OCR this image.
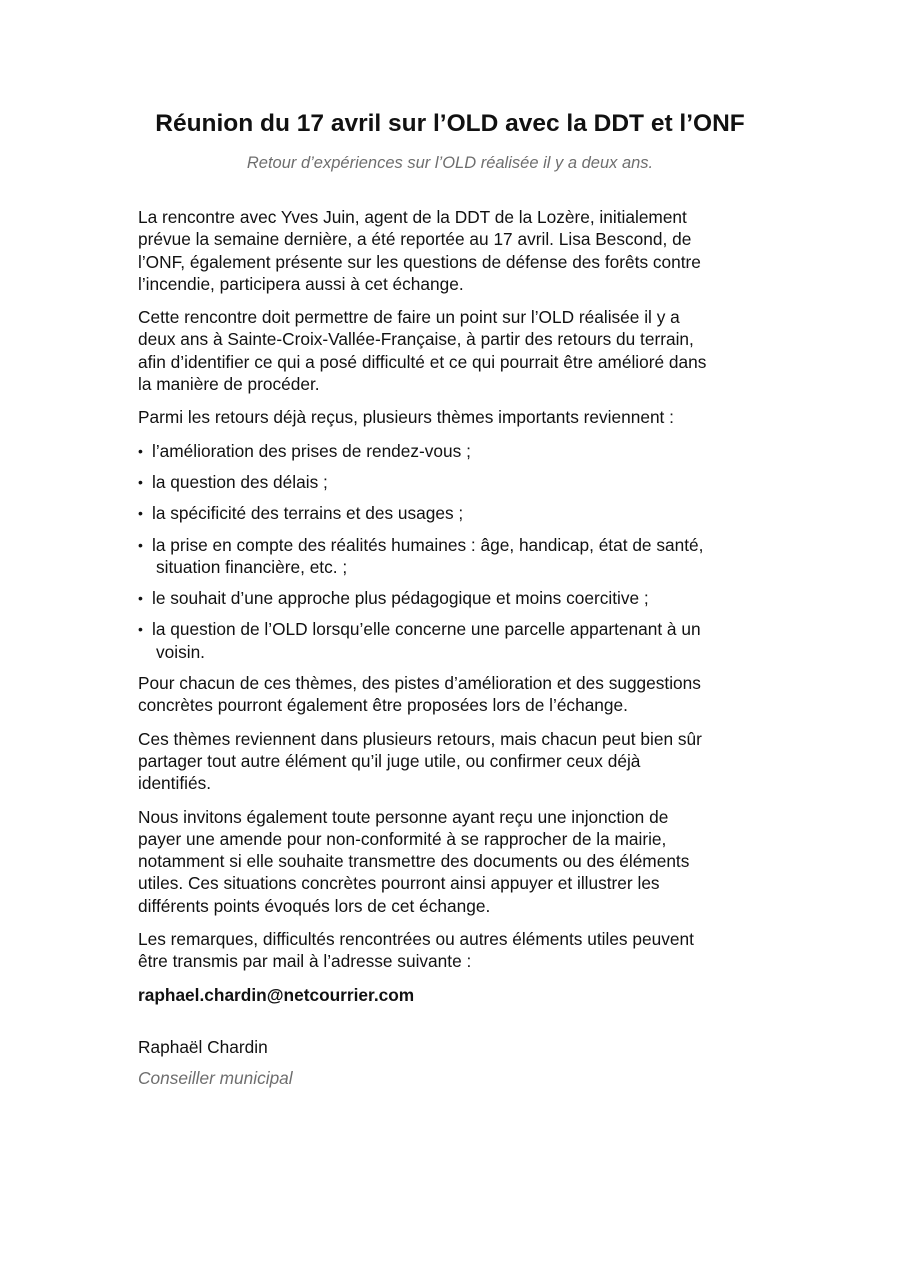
Réunion du 17 avril sur l’OLD avec la DDT et l’ONF

Retour d’expériences sur l’OLD réalisée il y a deux ans.

La rencontre avec Yves Juin, agent de la DDT de la Lozère, initialement
prévue la semaine dernière, a été reportée au 17 avril. Lisa Bescond, de
l’ONF, également présente sur les questions de défense des forêts contre
l’incendie, participera aussi à cet échange.

Cette rencontre doit permettre de faire un point sur l’OLD réalisée il y a
deux ans à Sainte-Croix-Vallée-Française, à partir des retours du terrain,
afin d’identifier ce qui a posé difficulté et ce qui pourrait être amélioré dans
la manière de procéder.

Parmi les retours déjà reçus, plusieurs thèmes importants reviennent :

• l’amélioration des prises de rendez-vous ;
• la question des délais ;
• la spécificité des terrains et des usages ;
• la prise en compte des réalités humaines : âge, handicap, état de santé,
situation financière, etc. ;
• le souhait d’une approche plus pédagogique et moins coercitive ;
• la question de l’OLD lorsqu’elle concerne une parcelle appartenant à un
voisin.

Pour chacun de ces thèmes, des pistes d’amélioration et des suggestions
concrètes pourront également être proposées lors de l’échange.

Ces thèmes reviennent dans plusieurs retours, mais chacun peut bien sûr
partager tout autre élément qu’il juge utile, ou confirmer ceux déjà
identifiés.

Nous invitons également toute personne ayant reçu une injonction de
payer une amende pour non-conformité à se rapprocher de la mairie,
notamment si elle souhaite transmettre des documents ou des éléments
utiles. Ces situations concrètes pourront ainsi appuyer et illustrer les
différents points évoqués lors de cet échange.

Les remarques, difficultés rencontrées ou autres éléments utiles peuvent
être transmis par mail à l’adresse suivante :

raphael.chardin@netcourrier.com

Raphaël Chardin

Conseiller municipal
